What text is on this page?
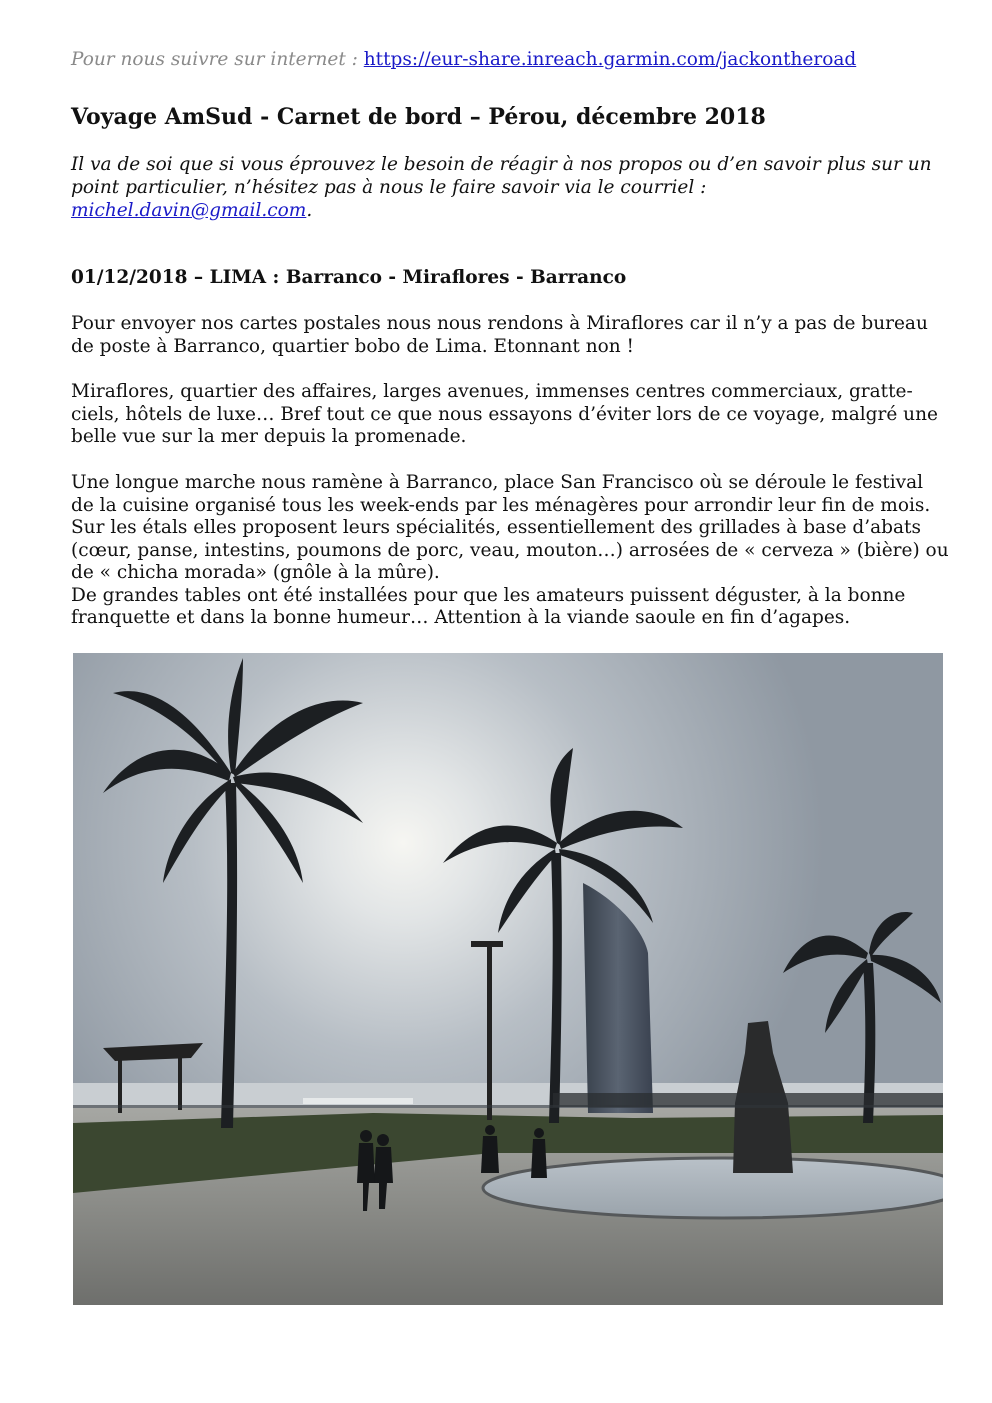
Pour nous suivre sur internet : https://eur-share.inreach.garmin.com/jackontheroad
Voyage AmSud - Carnet de bord – Pérou, décembre 2018
Il va de soi que si vous éprouvez le besoin de réagir à nos propos ou d’en savoir plus sur un point particulier, n’hésitez pas à nous le faire savoir via le courriel : michel.davin@gmail.com.
01/12/2018 – LIMA : Barranco - Miraflores - Barranco

Pour envoyer nos cartes postales nous nous rendons à Miraflores car il n’y a pas de bureau de poste à Barranco, quartier bobo de Lima. Etonnant non !

Miraflores, quartier des affaires, larges avenues, immenses centres commerciaux, gratte-ciels, hôtels de luxe… Bref tout ce que nous essayons d’éviter lors de ce voyage, malgré une belle vue sur la mer depuis la promenade.

Une longue marche nous ramène à Barranco, place San Francisco où se déroule le festival de la cuisine organisé tous les week-ends par les ménagères pour arrondir leur fin de mois.

Sur les étals elles proposent leurs spécialités, essentiellement des grillades à base d’abats (cœur, panse, intestins, poumons de porc, veau, mouton…) arrosées de « cerveza » (bière) ou de « chicha morada» (gnôle à la mûre).

De grandes tables ont été installées pour que les amateurs puissent déguster, à la bonne franquette et dans la bonne humeur… Attention à la viande saoule en fin d’agapes.
